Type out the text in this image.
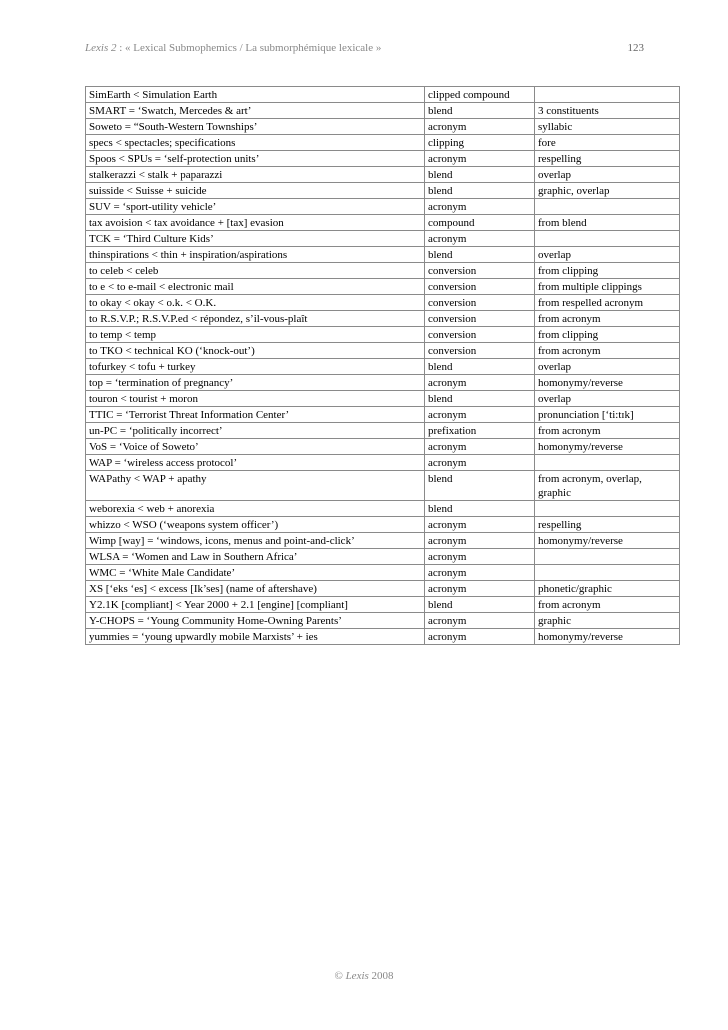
Lexis 2 : « Lexical Submophemics / La submorphémique lexicale »	123
SimEarth < Simulation Earth	clipped compound	
SMART = ‘Swatch, Mercedes & art’	blend	3 constituents
Soweto = “South-Western Townships’	acronym	syllabic
specs < spectacles; specifications	clipping	fore
Spoos < SPUs = ‘self-protection units’	acronym	respelling
stalkerazzi < stalk + paparazzi	blend	overlap
suisside < Suisse + suicide	blend	graphic, overlap
SUV = ‘sport-utility vehicle’	acronym	
tax avoision < tax avoidance + [tax] evasion	compound	from blend
TCK = ‘Third Culture Kids’	acronym	
thinspirations < thin + inspiration/aspirations	blend	overlap
to celeb < celeb	conversion	from clipping
to e < to e-mail < electronic mail	conversion	from multiple clippings
to okay < okay < o.k. < O.K.	conversion	from respelled acronym
to R.S.V.P.; R.S.V.P.ed < répondez, s’il-vous-plaît	conversion	from acronym
to temp < temp	conversion	from clipping
to TKO < technical KO (‘knock-out’)	conversion	from acronym
tofurkey < tofu + turkey	blend	overlap
top = ‘termination of pregnancy’	acronym	homonymy/reverse
touron < tourist + moron	blend	overlap
TTIC = ‘Terrorist Threat Information Center’	acronym	pronunciation [‘ti:tɪk]
un-PC = ‘politically incorrect’	prefixation	from acronym
VoS = ‘Voice of Soweto’	acronym	homonymy/reverse
WAP = ‘wireless access protocol’	acronym	
WAPathy < WAP + apathy	blend	from acronym, overlap, graphic
weborexia < web + anorexia	blend	
whizzo < WSO (‘weapons system officer’)	acronym	respelling
Wimp [way] = ‘windows, icons, menus and point-and-click’	acronym	homonymy/reverse
WLSA = ‘Women and Law in Southern Africa’	acronym	
WMC = ‘White Male Candidate’	acronym	
XS [‘eks ‘es] < excess [Ik’ses] (name of aftershave)	acronym	phonetic/graphic
Y2.1K [compliant] < Year 2000 + 2.1 [engine] [compliant]	blend	from acronym
Y-CHOPS = ‘Young Community Home-Owning Parents’	acronym	graphic
yummies = ‘young upwardly mobile Marxists’ + ies	acronym	homonymy/reverse
© Lexis 2008
